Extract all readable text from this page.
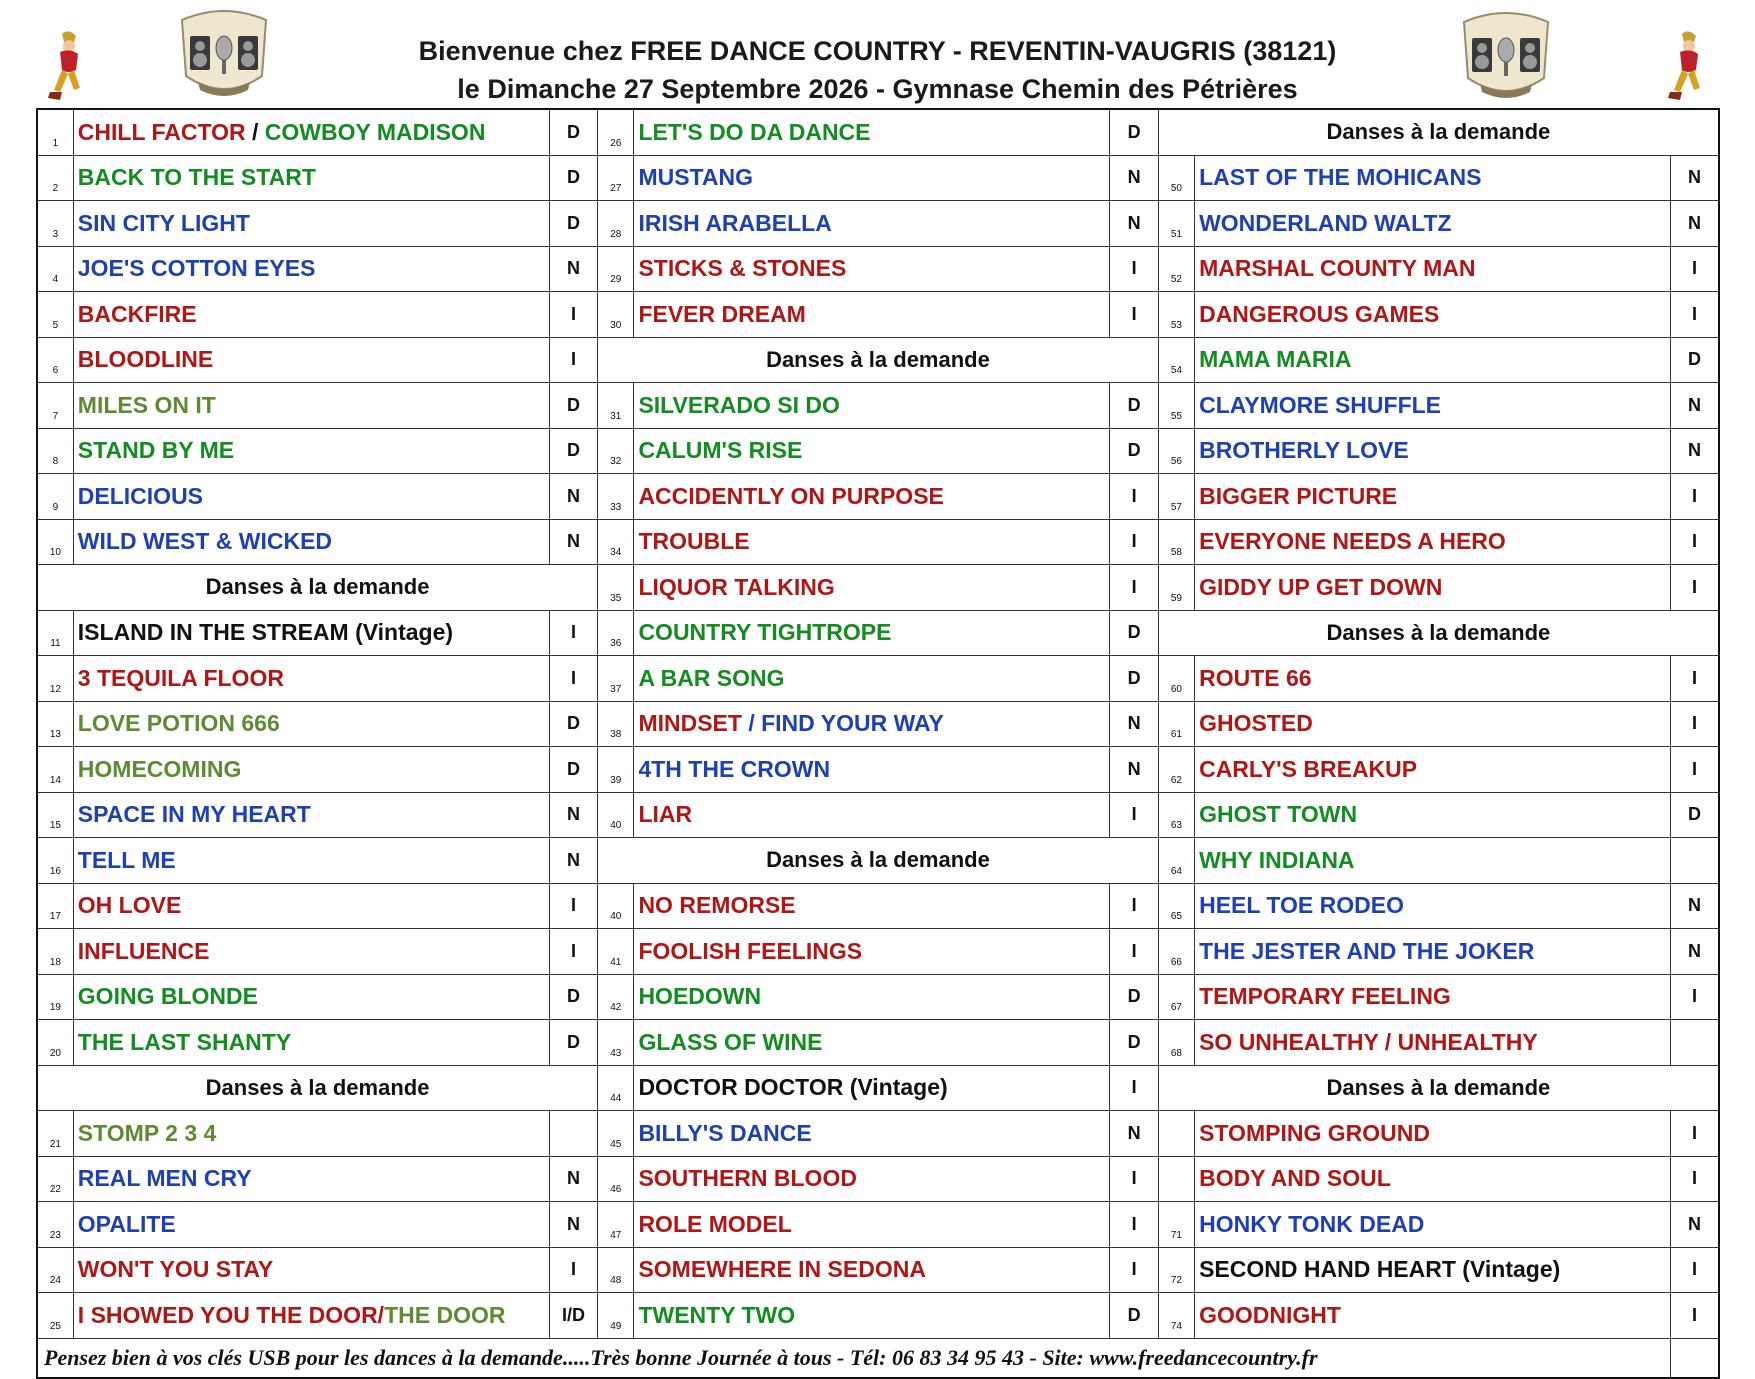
Bienvenue chez FREE DANCE COUNTRY - REVENTIN-VAUGRIS (38121)
le Dimanche 27 Septembre 2026 - Gymnase Chemin des Pétrières
1	CHILL FACTOR / COWBOY MADISON	D	26	LET'S DO DA DANCE	D	Danses à la demande		
2	BACK TO THE START	D	27	MUSTANG	N	50	LAST OF THE MOHICANS	N
3	SIN CITY LIGHT	D	28	IRISH ARABELLA	N	51	WONDERLAND WALTZ	N
4	JOE'S COTTON EYES	N	29	STICKS & STONES	I	52	MARSHAL COUNTY MAN	I
5	BACKFIRE	I	30	FEVER DREAM	I	53	DANGEROUS GAMES	I
6	BLOODLINE	I	Danses à la demande			54	MAMA MARIA	D
7	MILES ON IT	D	31	SILVERADO SI DO	D	55	CLAYMORE SHUFFLE	N
8	STAND BY ME	D	32	CALUM'S RISE	D	56	BROTHERLY LOVE	N
9	DELICIOUS	N	33	ACCIDENTLY ON PURPOSE	I	57	BIGGER PICTURE	I
10	WILD WEST & WICKED	N	34	TROUBLE	I	58	EVERYONE NEEDS A HERO	I
Danses à la demande			35	LIQUOR TALKING	I	59	GIDDY UP GET DOWN	I
11	ISLAND IN THE STREAM (Vintage)	I	36	COUNTRY TIGHTROPE	D	Danses à la demande		
12	3 TEQUILA FLOOR	I	37	A BAR SONG	D	60	ROUTE 66	I
13	LOVE POTION 666	D	38	MINDSET / FIND YOUR WAY	N	61	GHOSTED	I
14	HOMECOMING	D	39	4TH THE CROWN	N	62	CARLY'S BREAKUP	I
15	SPACE IN MY HEART	N	40	LIAR	I	63	GHOST TOWN	D
16	TELL ME	N	Danses à la demande			64	WHY INDIANA	
17	OH LOVE	I	40	NO REMORSE	I	65	HEEL TOE RODEO	N
18	INFLUENCE	I	41	FOOLISH FEELINGS	I	66	THE JESTER AND THE JOKER	N
19	GOING BLONDE	D	42	HOEDOWN	D	67	TEMPORARY FEELING	I
20	THE LAST SHANTY	D	43	GLASS OF WINE	D	68	SO UNHEALTHY / UNHEALTHY	
Danses à la demande			44	DOCTOR DOCTOR (Vintage)	I	Danses à la demande		
21	STOMP 2 3 4		45	BILLY'S DANCE	N		STOMPING GROUND	I
22	REAL MEN CRY	N	46	SOUTHERN BLOOD	I		BODY AND SOUL	I
23	OPALITE	N	47	ROLE MODEL	I	71	HONKY TONK DEAD	N
24	WON'T YOU STAY	I	48	SOMEWHERE IN SEDONA	I	72	SECOND HAND HEART (Vintage)	I
25	I SHOWED YOU THE DOOR/THE DOOR	I/D	49	TWENTY TWO	D	74	GOODNIGHT	I
Pensez bien à vos clés USB pour les dances à la demande.....Très bonne Journée à tous - Tél: 06 83 34 95 43 - Site: www.freedancecountry.fr								
